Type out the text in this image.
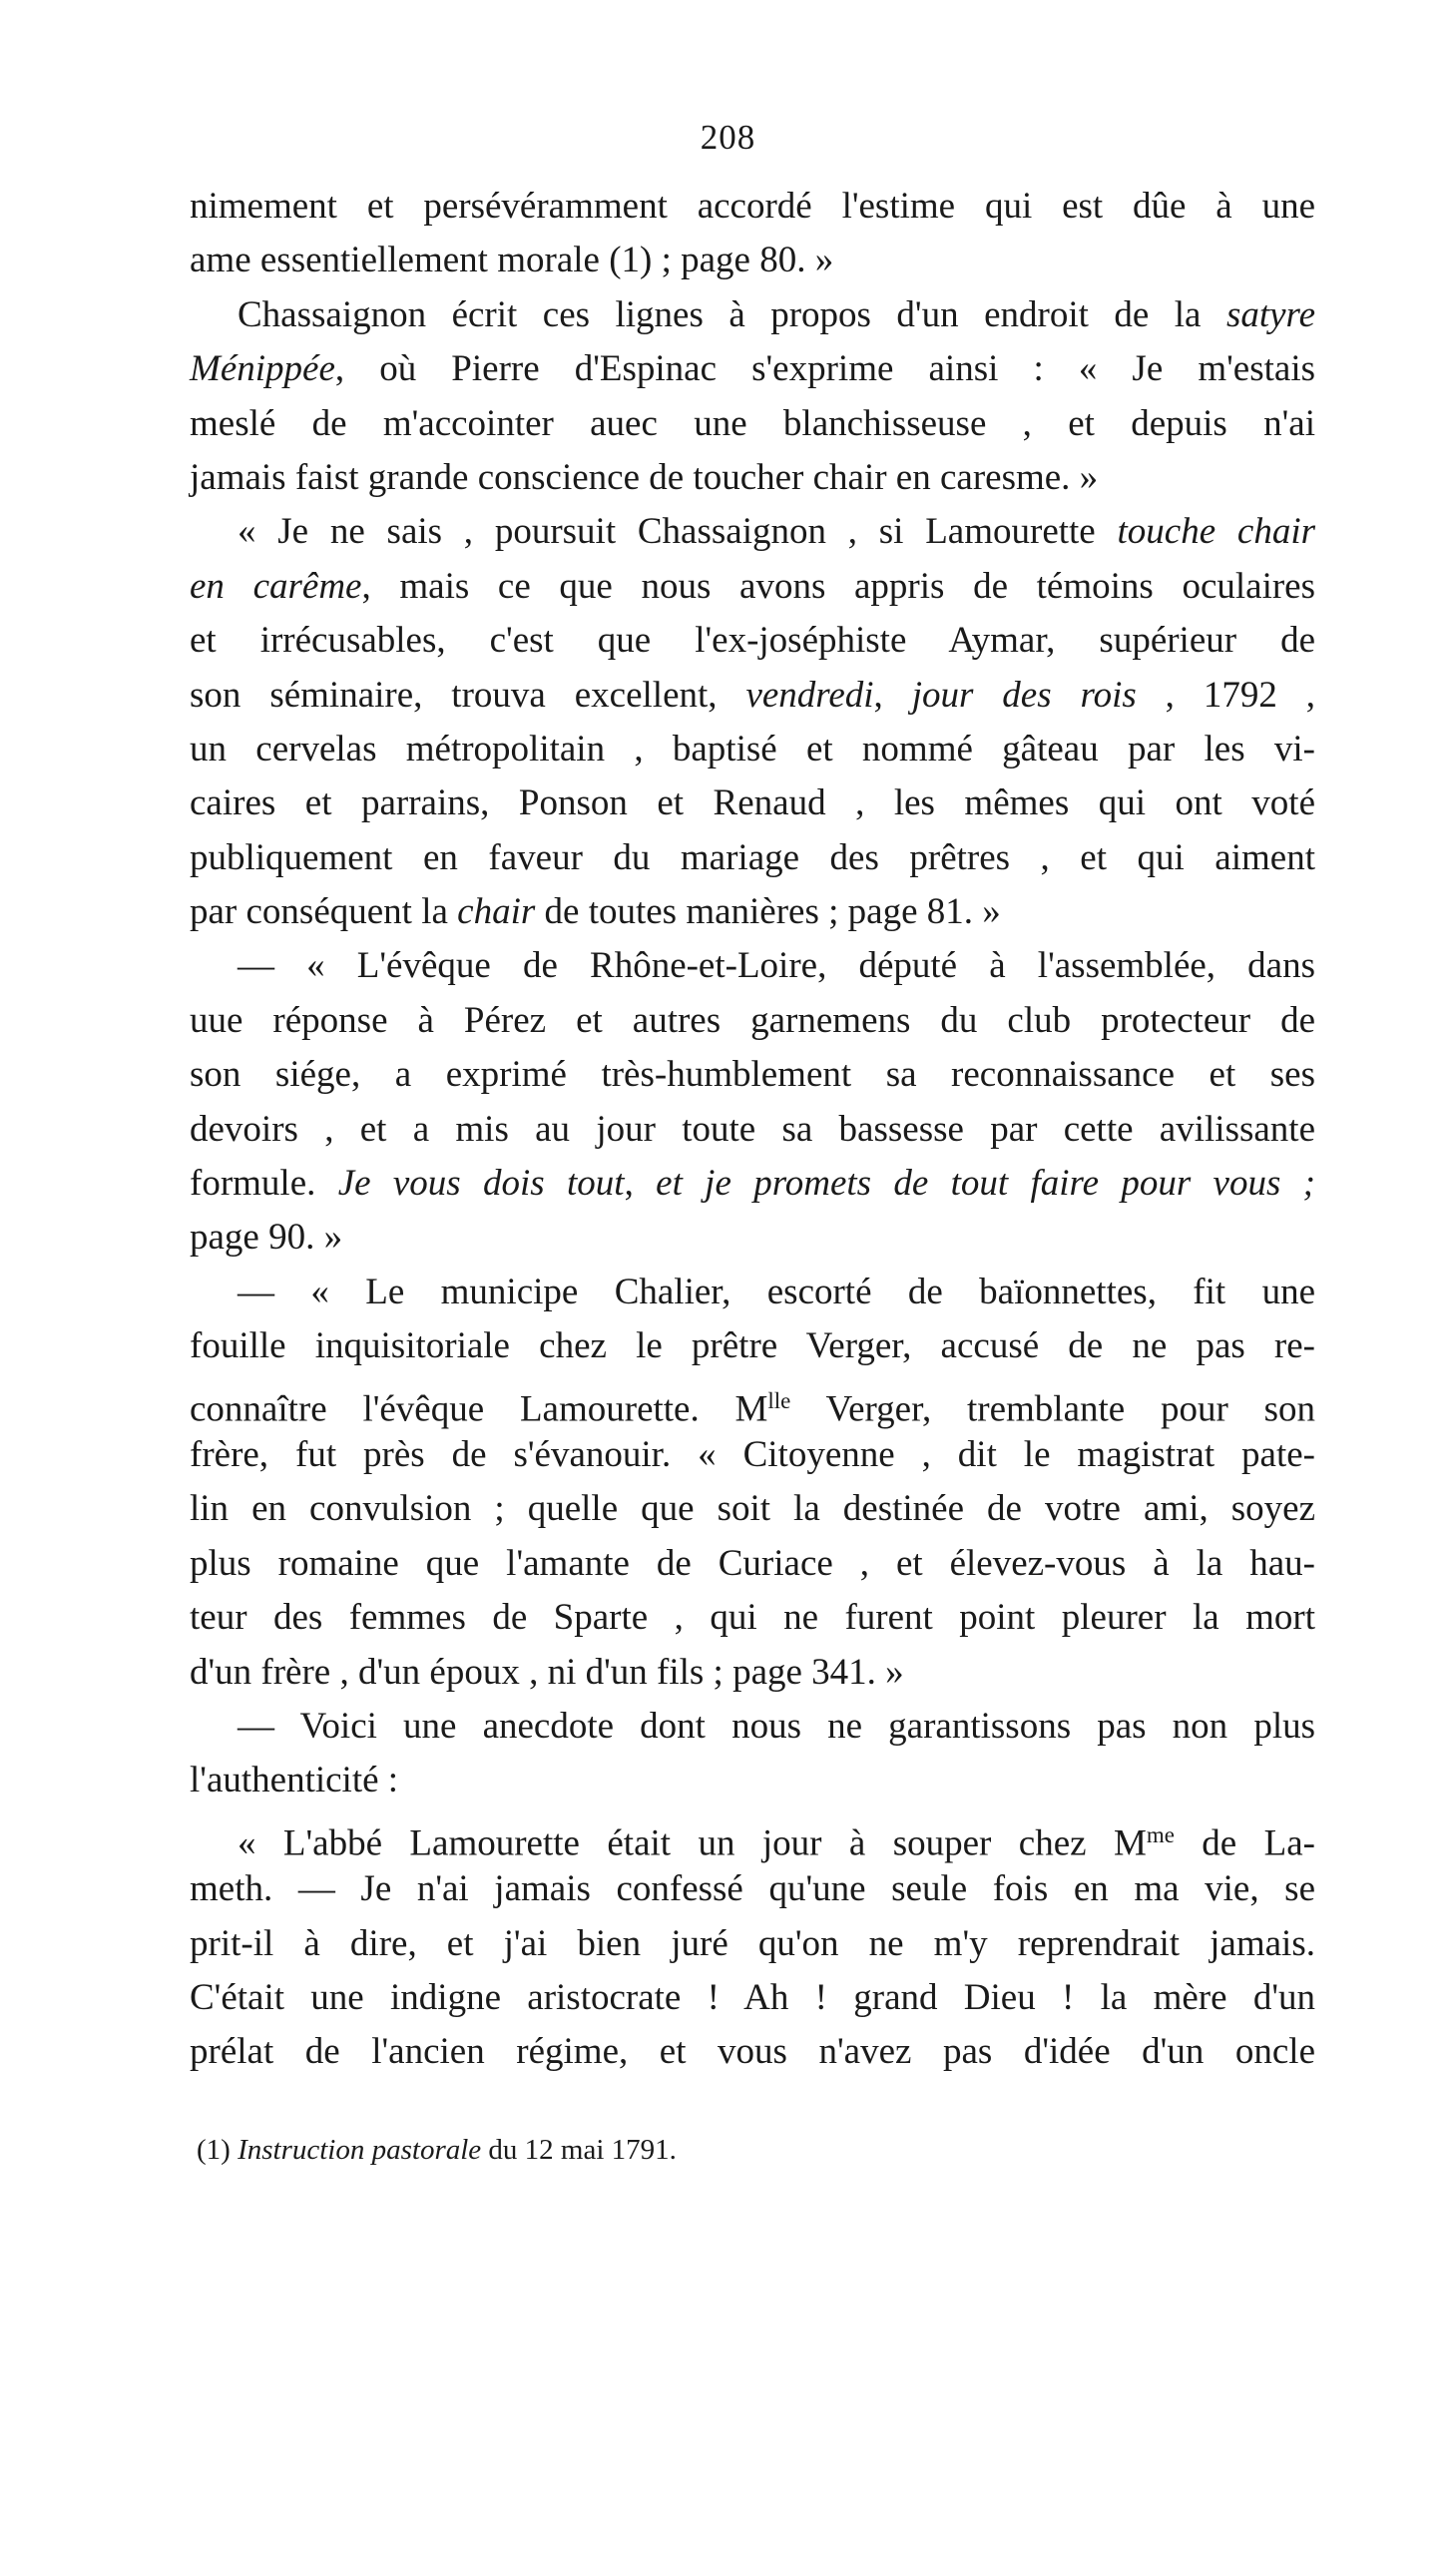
208
nimement et persévéramment accordé l'estime qui est dûe à une
ame essentiellement morale (1) ; page 80. »
Chassaignon écrit ces lignes à propos d'un endroit de la satyre
Ménippée, où Pierre d'Espinac s'exprime ainsi : « Je m'estais
meslé de m'accointer auec une blanchisseuse , et depuis n'ai
jamais faist grande conscience de toucher chair en caresme. »
« Je ne sais , poursuit Chassaignon , si Lamourette touche chair
en carême, mais ce que nous avons appris de témoins oculaires
et irrécusables, c'est que l'ex-joséphiste Aymar, supérieur de
son séminaire, trouva excellent, vendredi, jour des rois , 1792 ,
un cervelas métropolitain , baptisé et nommé gâteau par les vi-
caires et parrains, Ponson et Renaud , les mêmes qui ont voté
publiquement en faveur du mariage des prêtres , et qui aiment
par conséquent la chair de toutes manières ; page 81. »
— « L'évêque de Rhône-et-Loire, député à l'assemblée, dans
uue réponse à Pérez et autres garnemens du club protecteur de
son siége, a exprimé très-humblement sa reconnaissance et ses
devoirs , et a mis au jour toute sa bassesse par cette avilissante
formule. Je vous dois tout, et je promets de tout faire pour vous ;
page 90. »
— « Le municipe Chalier, escorté de baïonnettes, fit une
fouille inquisitoriale chez le prêtre Verger, accusé de ne pas re-
connaître l'évêque Lamourette. $M^{lle}$ Verger, tremblante pour son
frère, fut près de s'évanouir. « Citoyenne , dit le magistrat pate-
lin en convulsion ; quelle que soit la destinée de votre ami, soyez
plus romaine que l'amante de Curiace , et élevez-vous à la hau-
teur des femmes de Sparte , qui ne furent point pleurer la mort
d'un frère , d'un époux , ni d'un fils ; page 341. »
— Voici une anecdote dont nous ne garantissons pas non plus
l'authenticité :
« L'abbé Lamourette était un jour à souper chez $M^{me}$ de La-
meth. — Je n'ai jamais confessé qu'une seule fois en ma vie, se
prit-il à dire, et j'ai bien juré qu'on ne m'y reprendrait jamais.
C'était une indigne aristocrate ! Ah ! grand Dieu ! la mère d'un
prélat de l'ancien régime, et vous n'avez pas d'idée d'un oncle
(1) Instruction pastorale du 12 mai 1791.
